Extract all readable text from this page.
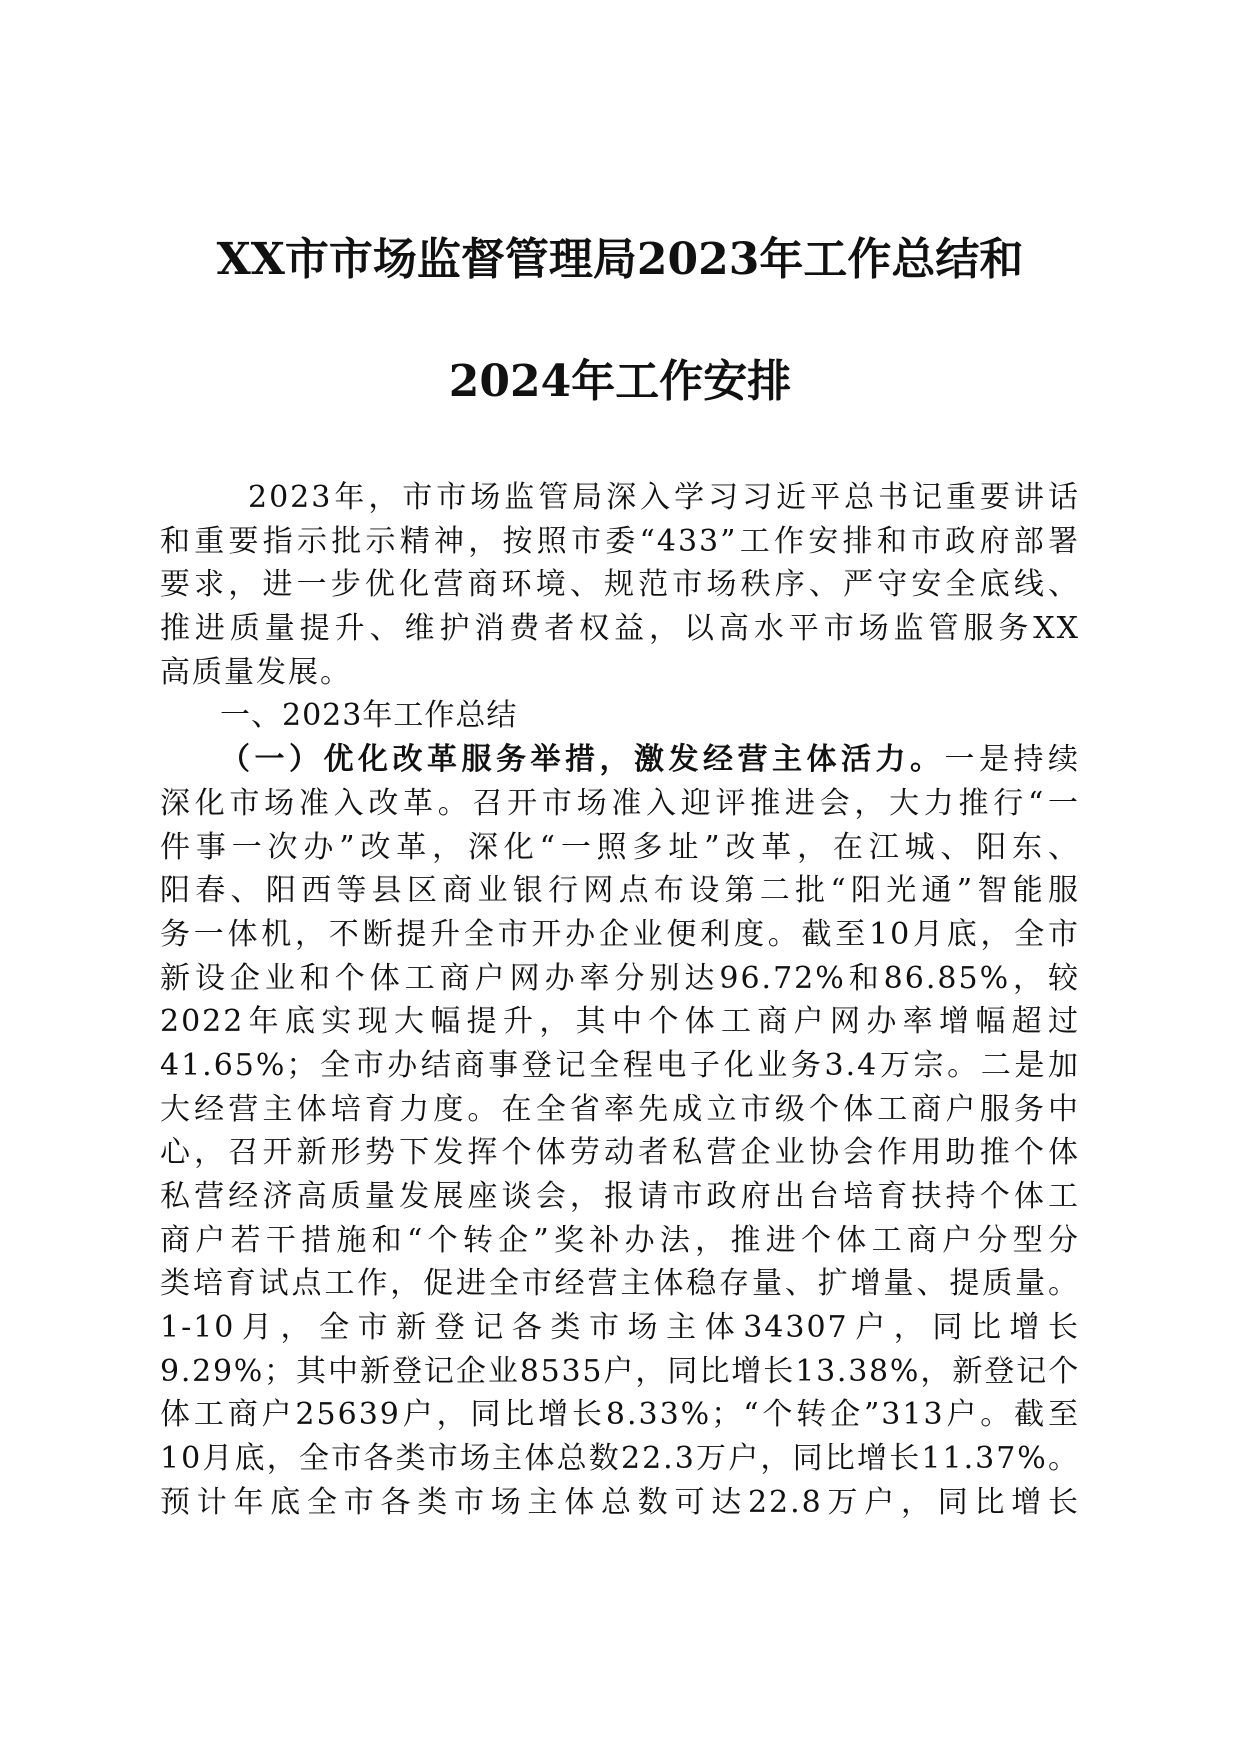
XX市市场监督管理局2023年工作总结和
2024年工作安排
2023年，市市场监管局深入学习习近平总书记重要讲话
和重要指示批示精神，按照市委“433”工作安排和市政府部署
要求，进一步优化营商环境、规范市场秩序、严守安全底线、
推进质量提升、维护消费者权益，以高水平市场监管服务XX
高质量发展。
一、2023年工作总结
（一）优化改革服务举措，激发经营主体活力。一是持续
深化市场准入改革。召开市场准入迎评推进会，大力推行“一
件事一次办”改革，深化“一照多址”改革，在江城、阳东、
阳春、阳西等县区商业银行网点布设第二批“阳光通”智能服
务一体机，不断提升全市开办企业便利度。截至10月底，全市
新设企业和个体工商户网办率分别达96.72%和86.85%，较
2022年底实现大幅提升，其中个体工商户网办率增幅超过
41.65%；全市办结商事登记全程电子化业务3.4万宗。二是加
大经营主体培育力度。在全省率先成立市级个体工商户服务中
心，召开新形势下发挥个体劳动者私营企业协会作用助推个体
私营经济高质量发展座谈会，报请市政府出台培育扶持个体工
商户若干措施和“个转企”奖补办法，推进个体工商户分型分
类培育试点工作，促进全市经营主体稳存量、扩增量、提质量。
1-10月，全市新登记各类市场主体34307户，同比增长
9.29%；其中新登记企业8535户，同比增长13.38%，新登记个
体工商户25639户，同比增长8.33%；“个转企”313户。截至
10月底，全市各类市场主体总数22.3万户，同比增长11.37%。
预计年底全市各类市场主体总数可达22.8万户，同比增长
